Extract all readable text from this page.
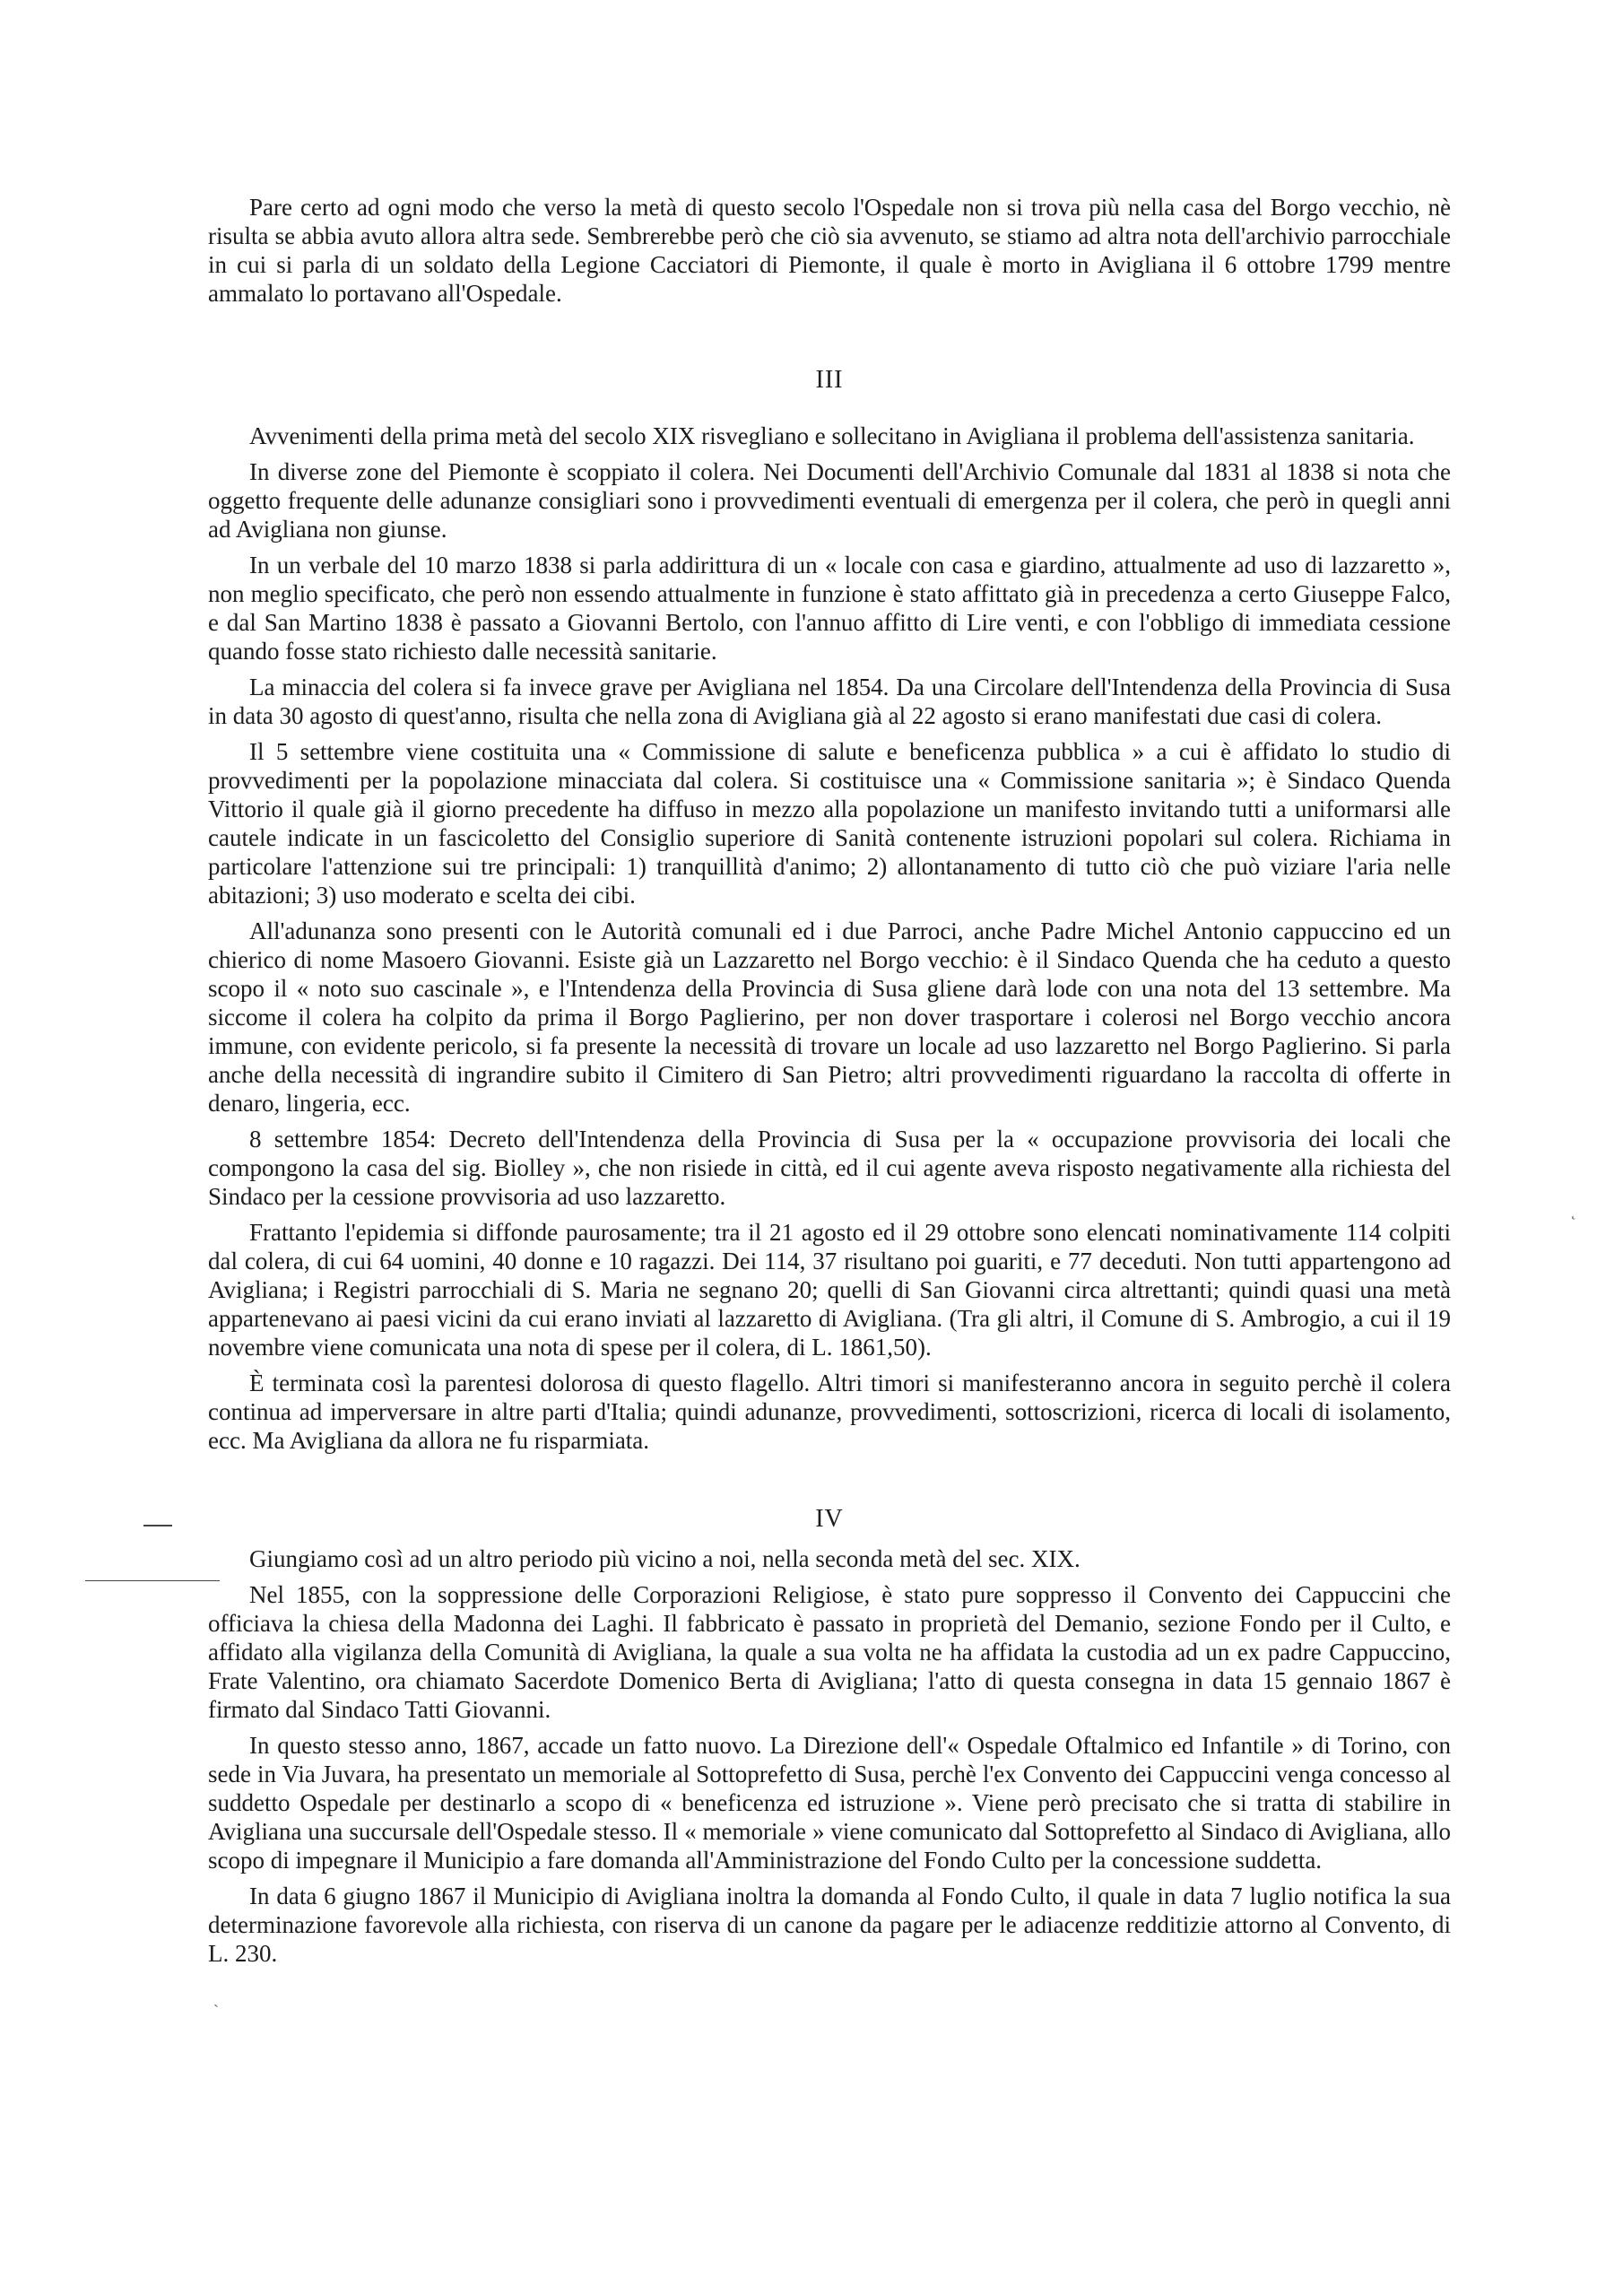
Pare certo ad ogni modo che verso la metà di questo secolo l'Ospedale non si trova più nella casa del Borgo vecchio, nè risulta se abbia avuto allora altra sede. Sembrerebbe però che ciò sia avvenuto, se stiamo ad altra nota dell'archivio parrocchiale in cui si parla di un soldato della Legione Cacciatori di Piemonte, il quale è morto in Avigliana il 6 ottobre 1799 mentre ammalato lo portavano all'Ospedale.

III

Avvenimenti della prima metà del secolo XIX risvegliano e sollecitano in Avigliana il problema dell'assistenza sanitaria.

In diverse zone del Piemonte è scoppiato il colera. Nei Documenti dell'Archivio Comunale dal 1831 al 1838 si nota che oggetto frequente delle adunanze consigliari sono i provvedimenti eventuali di emergenza per il colera, che però in quegli anni ad Avigliana non giunse.

In un verbale del 10 marzo 1838 si parla addirittura di un « locale con casa e giardino, attualmente ad uso di lazzaretto », non meglio specificato, che però non essendo attualmente in funzione è stato affittato già in precedenza a certo Giuseppe Falco, e dal San Martino 1838 è passato a Giovanni Bertolo, con l'annuo affitto di Lire venti, e con l'obbligo di immediata cessione quando fosse stato richiesto dalle necessità sanitarie.

La minaccia del colera si fa invece grave per Avigliana nel 1854. Da una Circolare dell'Intendenza della Provincia di Susa in data 30 agosto di quest'anno, risulta che nella zona di Avigliana già al 22 agosto si erano manifestati due casi di colera.

Il 5 settembre viene costituita una « Commissione di salute e beneficenza pubblica » a cui è affidato lo studio di provvedimenti per la popolazione minacciata dal colera. Si costituisce una « Commissione sanitaria »; è Sindaco Quenda Vittorio il quale già il giorno precedente ha diffuso in mezzo alla popolazione un manifesto invitando tutti a uniformarsi alle cautele indicate in un fascicoletto del Consiglio superiore di Sanità contenente istruzioni popolari sul colera. Richiama in particolare l'attenzione sui tre principali: 1) tranquillità d'animo; 2) allontanamento di tutto ciò che può viziare l'aria nelle abitazioni; 3) uso moderato e scelta dei cibi.

All'adunanza sono presenti con le Autorità comunali ed i due Parroci, anche Padre Michel Antonio cappuccino ed un chierico di nome Masoero Giovanni. Esiste già un Lazzaretto nel Borgo vecchio: è il Sindaco Quenda che ha ceduto a questo scopo il « noto suo cascinale », e l'Intendenza della Provincia di Susa gliene darà lode con una nota del 13 settembre. Ma siccome il colera ha colpito da prima il Borgo Paglierino, per non dover trasportare i colerosi nel Borgo vecchio ancora immune, con evidente pericolo, si fa presente la necessità di trovare un locale ad uso lazzaretto nel Borgo Paglierino. Si parla anche della necessità di ingrandire subito il Cimitero di San Pietro; altri provvedimenti riguardano la raccolta di offerte in denaro, lingeria, ecc.

8 settembre 1854: Decreto dell'Intendenza della Provincia di Susa per la « occupazione provvisoria dei locali che compongono la casa del sig. Biolley », che non risiede in città, ed il cui agente aveva risposto negativamente alla richiesta del Sindaco per la cessione provvisoria ad uso lazzaretto.

Frattanto l'epidemia si diffonde paurosamente; tra il 21 agosto ed il 29 ottobre sono elencati nominativamente 114 colpiti dal colera, di cui 64 uomini, 40 donne e 10 ragazzi. Dei 114, 37 risultano poi guariti, e 77 deceduti. Non tutti appartengono ad Avigliana; i Registri parrocchiali di S. Maria ne segnano 20; quelli di San Giovanni circa altrettanti; quindi quasi una metà appartenevano ai paesi vicini da cui erano inviati al lazzaretto di Avigliana. (Tra gli altri, il Comune di S. Ambrogio, a cui il 19 novembre viene comunicata una nota di spese per il colera, di L. 1861,50).

È terminata così la parentesi dolorosa di questo flagello. Altri timori si manifesteranno ancora in seguito perchè il colera continua ad imperversare in altre parti d'Italia; quindi adunanze, provvedimenti, sottoscrizioni, ricerca di locali di isolamento, ecc. Ma Avigliana da allora ne fu risparmiata.

˛
ˏ
IV

Giungiamo così ad un altro periodo più vicino a noi, nella seconda metà del sec. XIX.

Nel 1855, con la soppressione delle Corporazioni Religiose, è stato pure soppresso il Convento dei Cappuccini che officiava la chiesa della Madonna dei Laghi. Il fabbricato è passato in proprietà del Demanio, sezione Fondo per il Culto, e affidato alla vigilanza della Comunità di Avigliana, la quale a sua volta ne ha affidata la custodia ad un ex padre Cappuccino, Frate Valentino, ora chiamato Sacerdote Domenico Berta di Avigliana; l'atto di questa consegna in data 15 gennaio 1867 è firmato dal Sindaco Tatti Giovanni.

In questo stesso anno, 1867, accade un fatto nuovo. La Direzione dell'« Ospedale Oftalmico ed Infantile » di Torino, con sede in Via Juvara, ha presentato un memoriale al Sottoprefetto di Susa, perchè l'ex Convento dei Cappuccini venga concesso al suddetto Ospedale per destinarlo a scopo di « beneficenza ed istruzione ». Viene però precisato che si tratta di stabilire in Avigliana una succursale dell'Ospedale stesso. Il « memoriale » viene comunicato dal Sottoprefetto al Sindaco di Avigliana, allo scopo di impegnare il Municipio a fare domanda all'Amministrazione del Fondo Culto per la concessione suddetta.

In data 6 giugno 1867 il Municipio di Avigliana inoltra la domanda al Fondo Culto, il quale in data 7 luglio notifica la sua determinazione favorevole alla richiesta, con riserva di un canone da pagare per le adiacenze redditizie attorno al Convento, di L. 230.
